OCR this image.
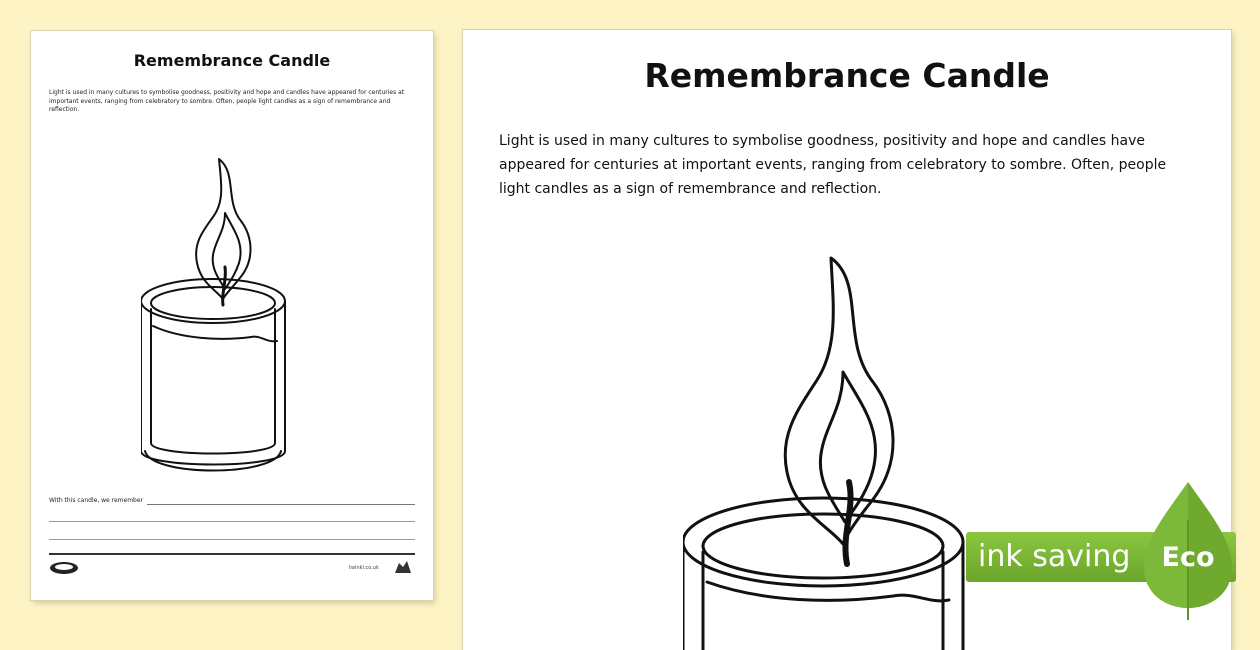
Remembrance Candle
Light is used in many cultures to symbolise goodness, positivity and hope and candles have appeared for centuries at important events, ranging from celebratory to sombre. Often, people light candles as a sign of remembrance and reflection.
With this candle, we remember
twinkl.co.uk
Remembrance Candle
Light is used in many cultures to symbolise goodness, positivity and hope and candles have appeared for centuries at important events, ranging from celebratory to sombre. Often, people light candles as a sign of remembrance and reflection.
ink saving	Eco
